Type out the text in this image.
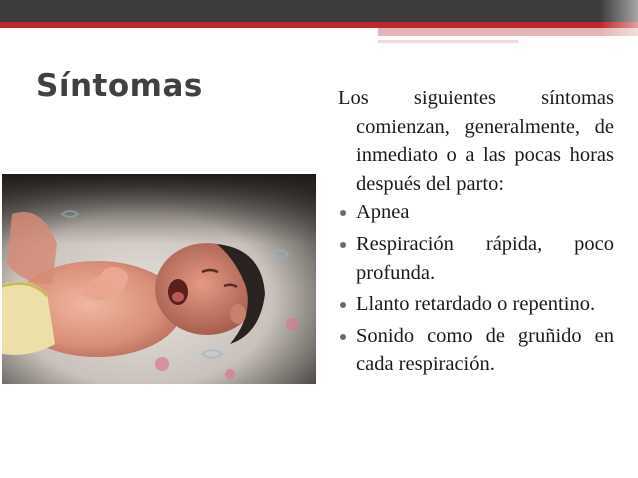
Síntomas	Los siguientes síntomas comienzan, generalmente, de inmediato o a las pocas horas después del parto:

Apnea
Respiración rápida, poco profunda.
Llanto retardado o repentino.
Sonido como de gruñido en cada respiración.
